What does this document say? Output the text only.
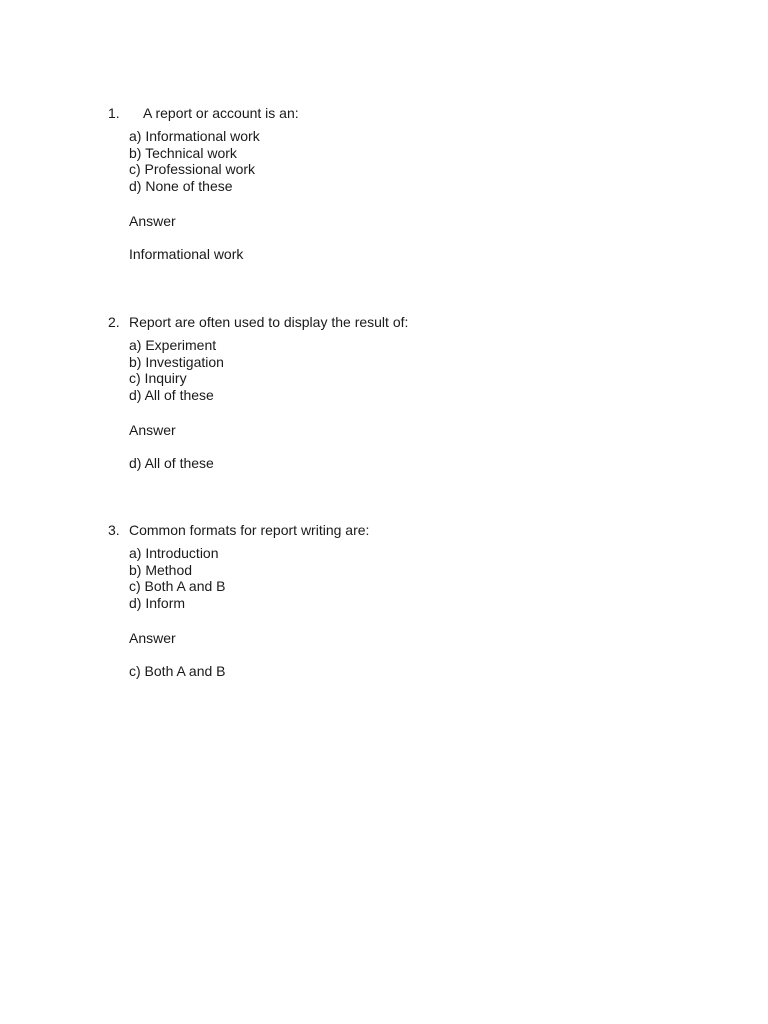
1. A report or account is an:
a) Informational work
b) Technical work
c) Professional work
d) None of these
Answer
Informational work
2. Report are often used to display the result of:
a) Experiment
b) Investigation
c) Inquiry
d) All of these
Answer
d) All of these
3. Common formats for report writing are:
a) Introduction
b) Method
c) Both A and B
d) Inform
Answer
c) Both A and B
